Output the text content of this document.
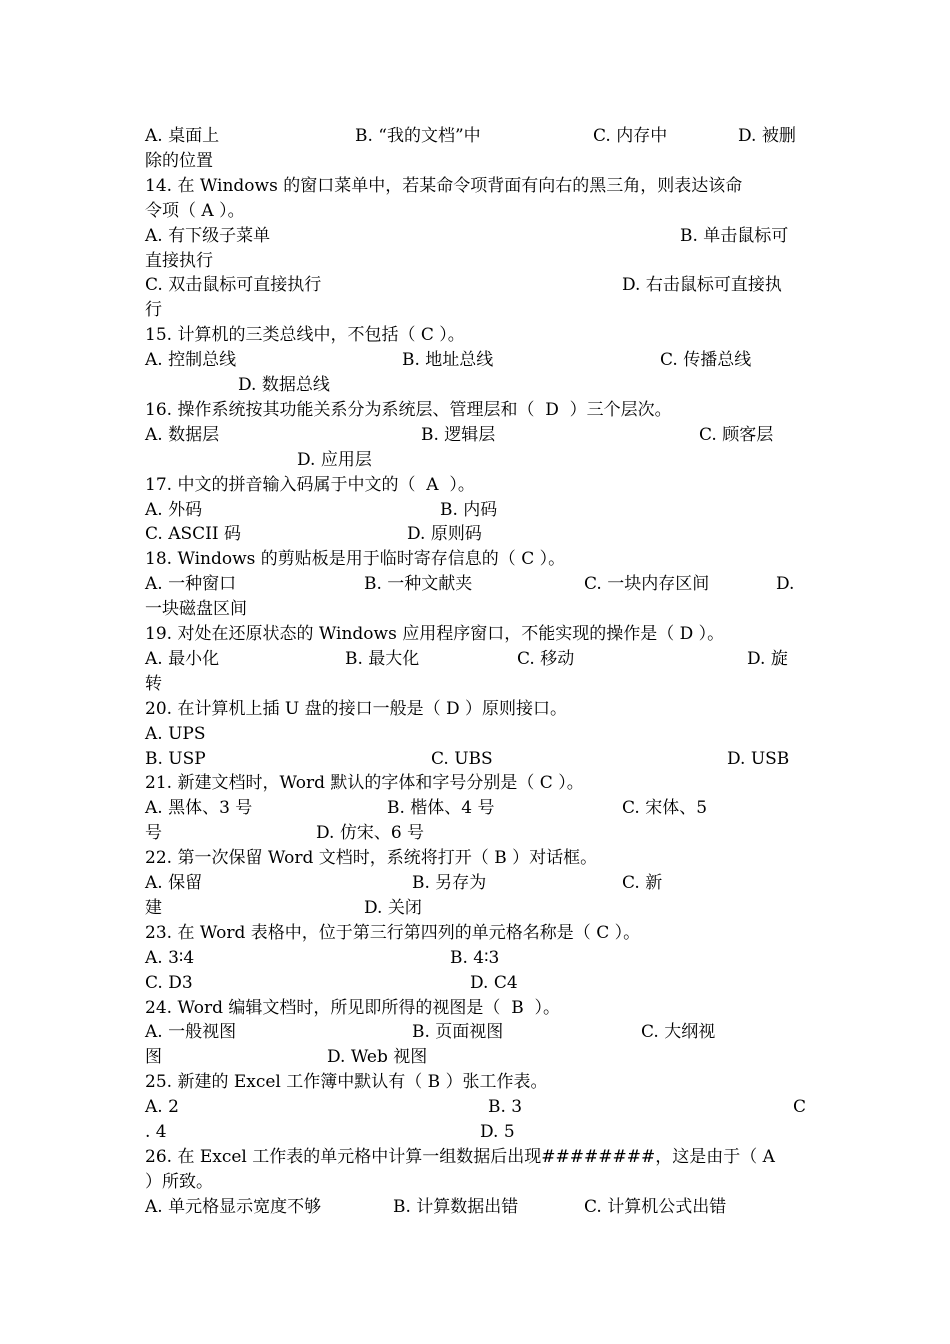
A. 桌面上	B. “我的文档”中	C. 内存中	D. 被删
除的位置
14. 在 Windows 的窗口菜单中，若某命令项背面有向右的黑三角，则表达该命
令项（ A ）。
A. 有下级子菜单	B. 单击鼠标可
直接执行
C. 双击鼠标可直接执行	D. 右击鼠标可直接执
行
15. 计算机的三类总线中，不包括（ C ）。
A. 控制总线	B. 地址总线	C. 传播总线
D. 数据总线
16. 操作系统按其功能关系分为系统层、管理层和（  D  ）三个层次。
A. 数据层	B. 逻辑层	C. 顾客层
D. 应用层
17. 中文的拼音输入码属于中文的（  A  ）。
A. 外码	B. 内码
C. ASCII 码	D. 原则码
18. Windows 的剪贴板是用于临时寄存信息的（ C ）。
A. 一种窗口	B. 一种文献夹	C. 一块内存区间	D.
一块磁盘区间
19. 对处在还原状态的 Windows 应用程序窗口，不能实现的操作是（ D ）。
A. 最小化	B. 最大化	C. 移动	D. 旋
转
20. 在计算机上插 U 盘的接口一般是（ D ）原则接口。
A. UPS
B. USP	C. UBS	D. USB
21. 新建文档时，Word 默认的字体和字号分别是（ C ）。
A. 黑体、3 号	B. 楷体、4 号	C. 宋体、5
号	D. 仿宋、6 号
22. 第一次保留 Word 文档时，系统将打开（ B ）对话框。
A. 保留	B. 另存为	C. 新
建	D. 关闭
23. 在 Word 表格中，位于第三行第四列的单元格名称是（ C ）。
A. 3∶4	B. 4∶3
C. D3	D. C4
24. Word 编辑文档时，所见即所得的视图是（  B  ）。
A. 一般视图	B. 页面视图	C. 大纲视
图	D. Web 视图
25. 新建的 Excel 工作簿中默认有（ B ）张工作表。
A. 2	B. 3	C
. 4	D. 5
26. 在 Excel 工作表的单元格中计算一组数据后出现########，这是由于（ A
）所致。
A. 单元格显示宽度不够	B. 计算数据出错	C. 计算机公式出错
